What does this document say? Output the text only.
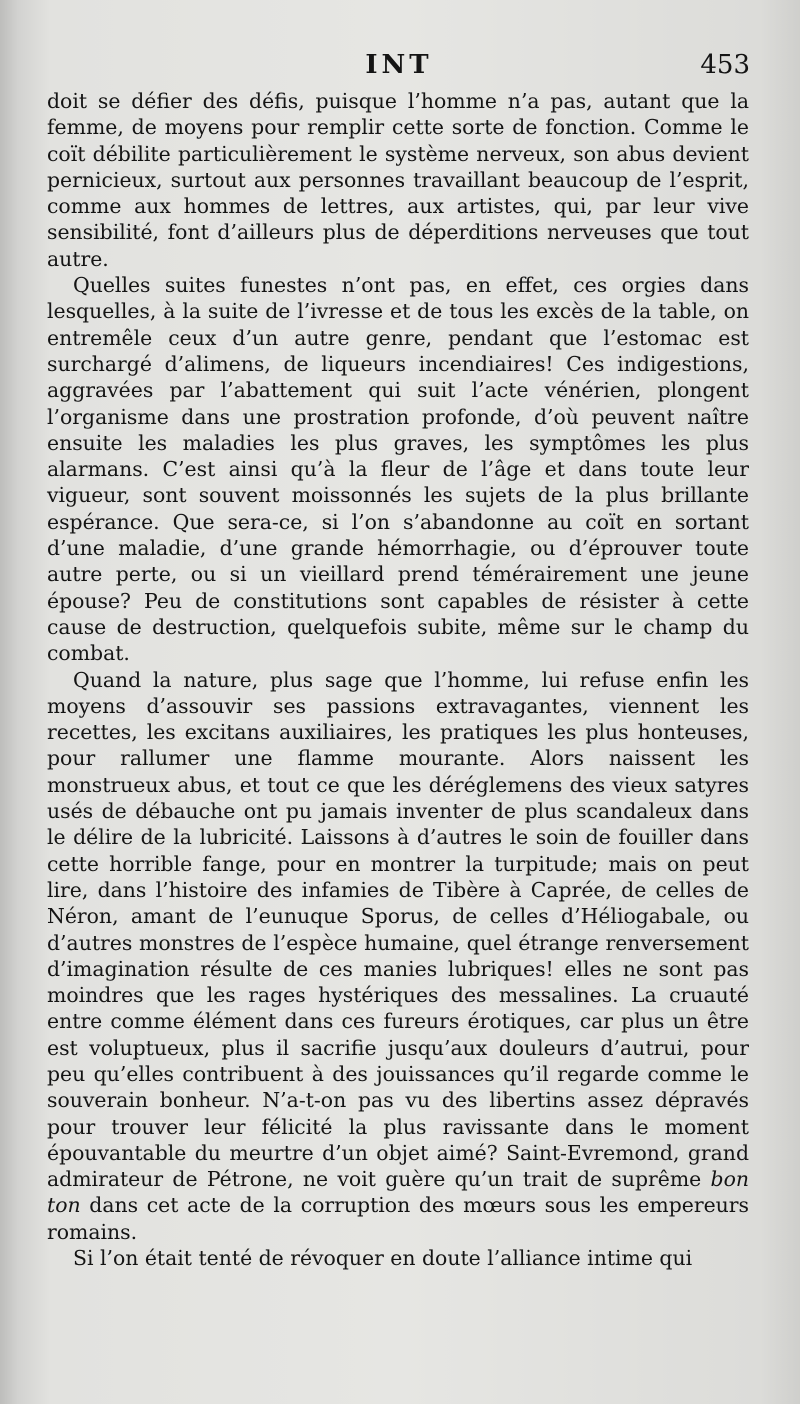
INT	453

doit se défier des défis, puisque l’homme n’a pas, autant que la femme, de moyens pour remplir cette sorte de fonction. Comme le coït débilite particulièrement le système nerveux, son abus devient pernicieux, surtout aux personnes travaillant beaucoup de l’esprit, comme aux hommes de lettres, aux artistes, qui, par leur vive sensibilité, font d’ailleurs plus de déperditions nerveuses que tout autre.

Quelles suites funestes n’ont pas, en effet, ces orgies dans lesquelles, à la suite de l’ivresse et de tous les excès de la table, on entremêle ceux d’un autre genre, pendant que l’estomac est surchargé d’alimens, de liqueurs incendiaires! Ces indigestions, aggravées par l’abattement qui suit l’acte vénérien, plongent l’organisme dans une prostration profonde, d’où peuvent naître ensuite les maladies les plus graves, les symptômes les plus alarmans. C’est ainsi qu’à la fleur de l’âge et dans toute leur vigueur, sont souvent moissonnés les sujets de la plus brillante espérance. Que sera-ce, si l’on s’abandonne au coït en sortant d’une maladie, d’une grande hémorrhagie, ou d’éprouver toute autre perte, ou si un vieillard prend témérairement une jeune épouse? Peu de constitutions sont capables de résister à cette cause de destruction, quelquefois subite, même sur le champ du combat.

Quand la nature, plus sage que l’homme, lui refuse enfin les moyens d’assouvir ses passions extravagantes, viennent les recettes, les excitans auxiliaires, les pratiques les plus honteuses, pour rallumer une flamme mourante. Alors naissent les monstrueux abus, et tout ce que les déréglemens des vieux satyres usés de débauche ont pu jamais inventer de plus scandaleux dans le délire de la lubricité. Laissons à d’autres le soin de fouiller dans cette horrible fange, pour en montrer la turpitude; mais on peut lire, dans l’histoire des infamies de Tibère à Caprée, de celles de Néron, amant de l’eunuque Sporus, de celles d’Héliogabale, ou d’autres monstres de l’espèce humaine, quel étrange renversement d’imagination résulte de ces manies lubriques! elles ne sont pas moindres que les rages hystériques des messalines. La cruauté entre comme élément dans ces fureurs érotiques, car plus un être est voluptueux, plus il sacrifie jusqu’aux douleurs d’autrui, pour peu qu’elles contribuent à des jouissances qu’il regarde comme le souverain bonheur. N’a-t-on pas vu des libertins assez dépravés pour trouver leur félicité la plus ravissante dans le moment épouvantable du meurtre d’un objet aimé? Saint-Evremond, grand admirateur de Pétrone, ne voit guère qu’un trait de suprême bon ton dans cet acte de la corruption des mœurs sous les empereurs romains.

Si l’on était tenté de révoquer en doute l’alliance intime qui
